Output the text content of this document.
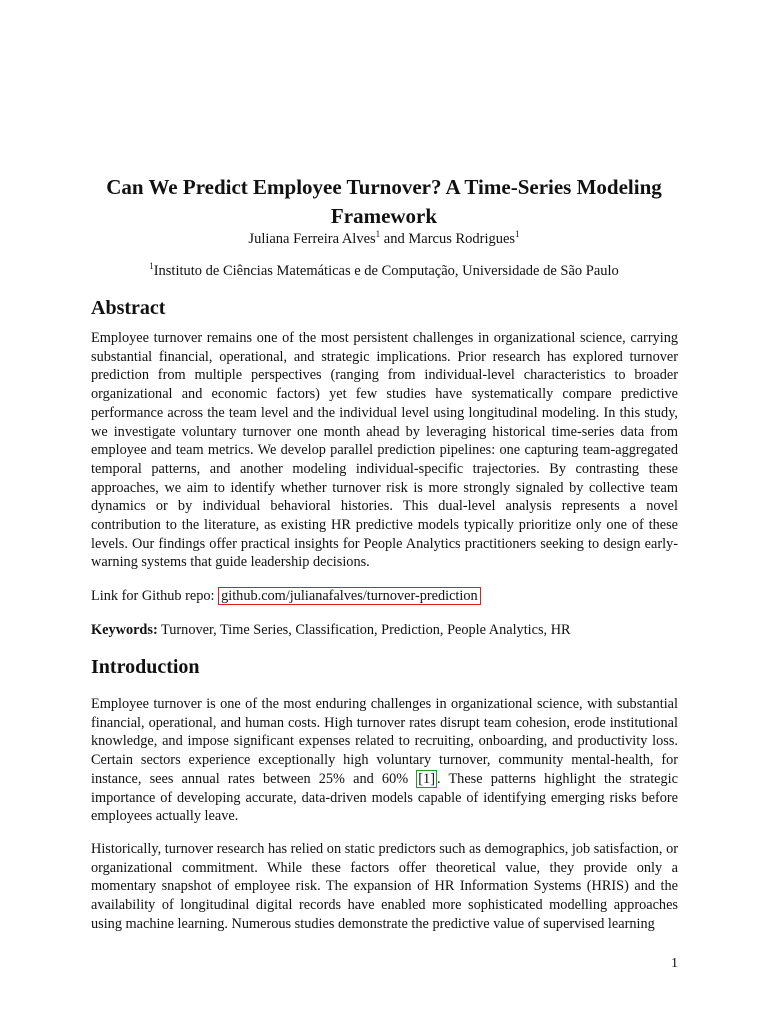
Can We Predict Employee Turnover? A Time-Series Modeling Framework
Juliana Ferreira Alves$^1$ and Marcus Rodrigues$^1$
$^1$Instituto de Ciências Matemáticas e de Computação, Universidade de São Paulo
Abstract

Employee turnover remains one of the most persistent challenges in organizational science, carrying substantial financial, operational, and strategic implications. Prior research has explored turnover prediction from multiple perspectives (ranging from individual-level characteristics to broader organizational and economic factors) yet few studies have systematically compare predictive performance across the team level and the individual level using longitudinal modeling. In this study, we investigate voluntary turnover one month ahead by leveraging historical time-series data from employee and team metrics. We develop parallel prediction pipelines: one capturing team-aggregated temporal patterns, and another modeling individual-specific trajectories. By contrasting these approaches, we aim to identify whether turnover risk is more strongly signaled by collective team dynamics or by individual behavioral histories. This dual-level analysis represents a novel contribution to the literature, as existing HR predictive models typically prioritize only one of these levels. Our findings offer practical insights for People Analytics practitioners seeking to design early-warning systems that guide leadership decisions.

Link for Github repo: github.com/julianafalves/turnover-prediction

Keywords: Turnover, Time Series, Classification, Prediction, People Analytics, HR

Introduction

Employee turnover is one of the most enduring challenges in organizational science, with substantial financial, operational, and human costs. High turnover rates disrupt team cohesion, erode institutional knowledge, and impose significant expenses related to recruiting, onboarding, and productivity loss. Certain sectors experience exceptionally high voluntary turnover, community mental-health, for instance, sees annual rates between 25% and 60% [1] . These patterns highlight the strategic importance of developing accurate, data-driven models capable of identifying emerging risks before employees actually leave.

Historically, turnover research has relied on static predictors such as demographics, job satisfaction, or organizational commitment. While these factors offer theoretical value, they provide only a momentary snapshot of employee risk. The expansion of HR Information Systems (HRIS) and the availability of longitudinal digital records have enabled more sophisticated modelling approaches using machine learning. Numerous studies demonstrate the predictive value of supervised learning

1
